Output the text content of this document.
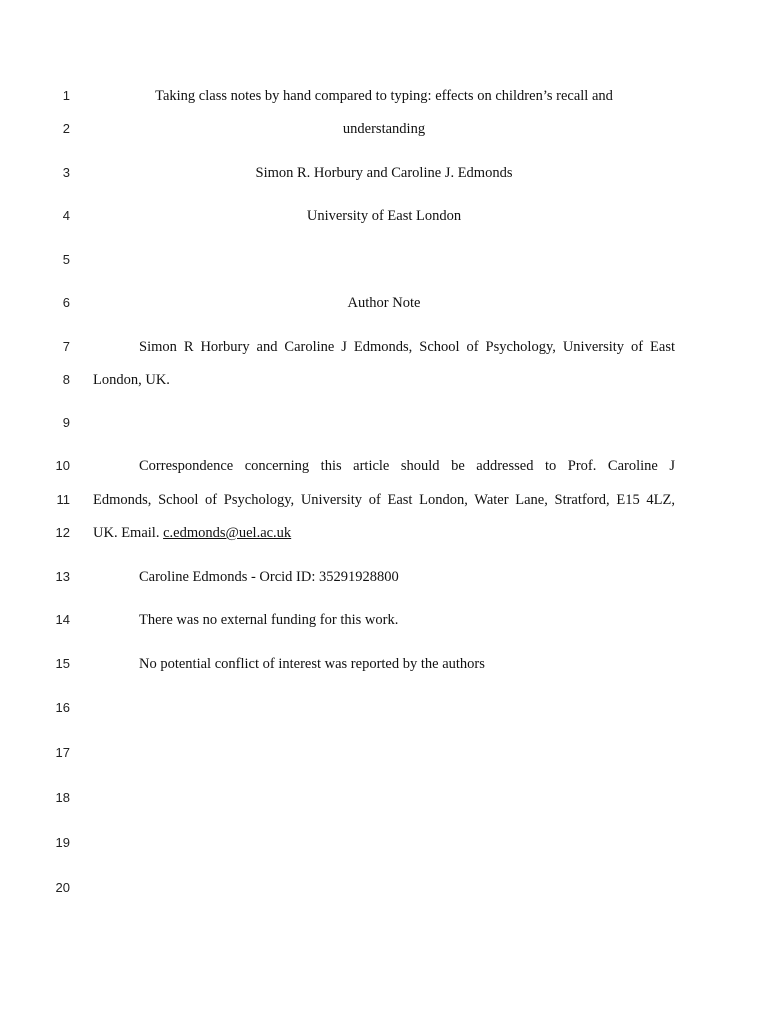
1
2
3
4
5
6
7
8
9
10
11
12
13
14
15
16
17
18
19
20
Taking class notes by hand compared to typing: effects on children’s recall and
understanding
Simon R. Horbury and Caroline J. Edmonds
University of East London
Author Note
Simon R Horbury and Caroline J Edmonds, School of Psychology, University of East
London, UK.
Correspondence concerning this article should be addressed to Prof. Caroline J
Edmonds, School of Psychology, University of East London, Water Lane, Stratford, E15 4LZ,
UK. Email. c.edmonds@uel.ac.uk
Caroline Edmonds - Orcid ID: 35291928800
There was no external funding for this work.
No potential conflict of interest was reported by the authors
